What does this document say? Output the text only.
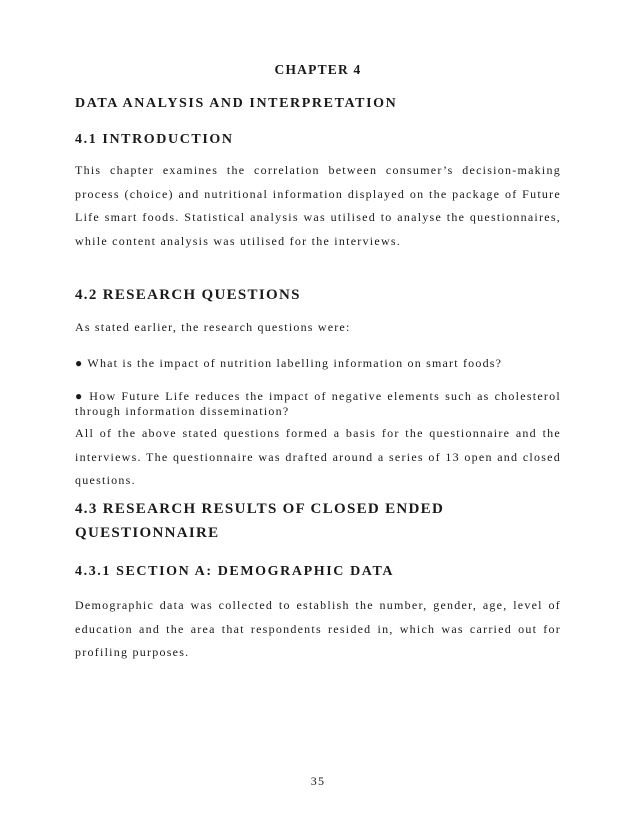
CHAPTER 4
DATA ANALYSIS AND INTERPRETATION
4.1 INTRODUCTION
This chapter examines the correlation between consumer’s decision-making process (choice) and nutritional information displayed on the package of Future Life smart foods. Statistical analysis was utilised to analyse the questionnaires, while content analysis was utilised for the interviews.
4.2 RESEARCH QUESTIONS
As stated earlier, the research questions were:
● What is the impact of nutrition labelling information on smart foods?
● How Future Life reduces the impact of negative elements such as cholesterol through information dissemination?
All of the above stated questions formed a basis for the questionnaire and the interviews. The questionnaire was drafted around a series of 13 open and closed questions.
4.3 RESEARCH RESULTS OF CLOSED ENDED QUESTIONNAIRE
4.3.1 SECTION A: DEMOGRAPHIC DATA
Demographic data was collected to establish the number, gender, age, level of education and the area that respondents resided in, which was carried out for profiling purposes.
35
